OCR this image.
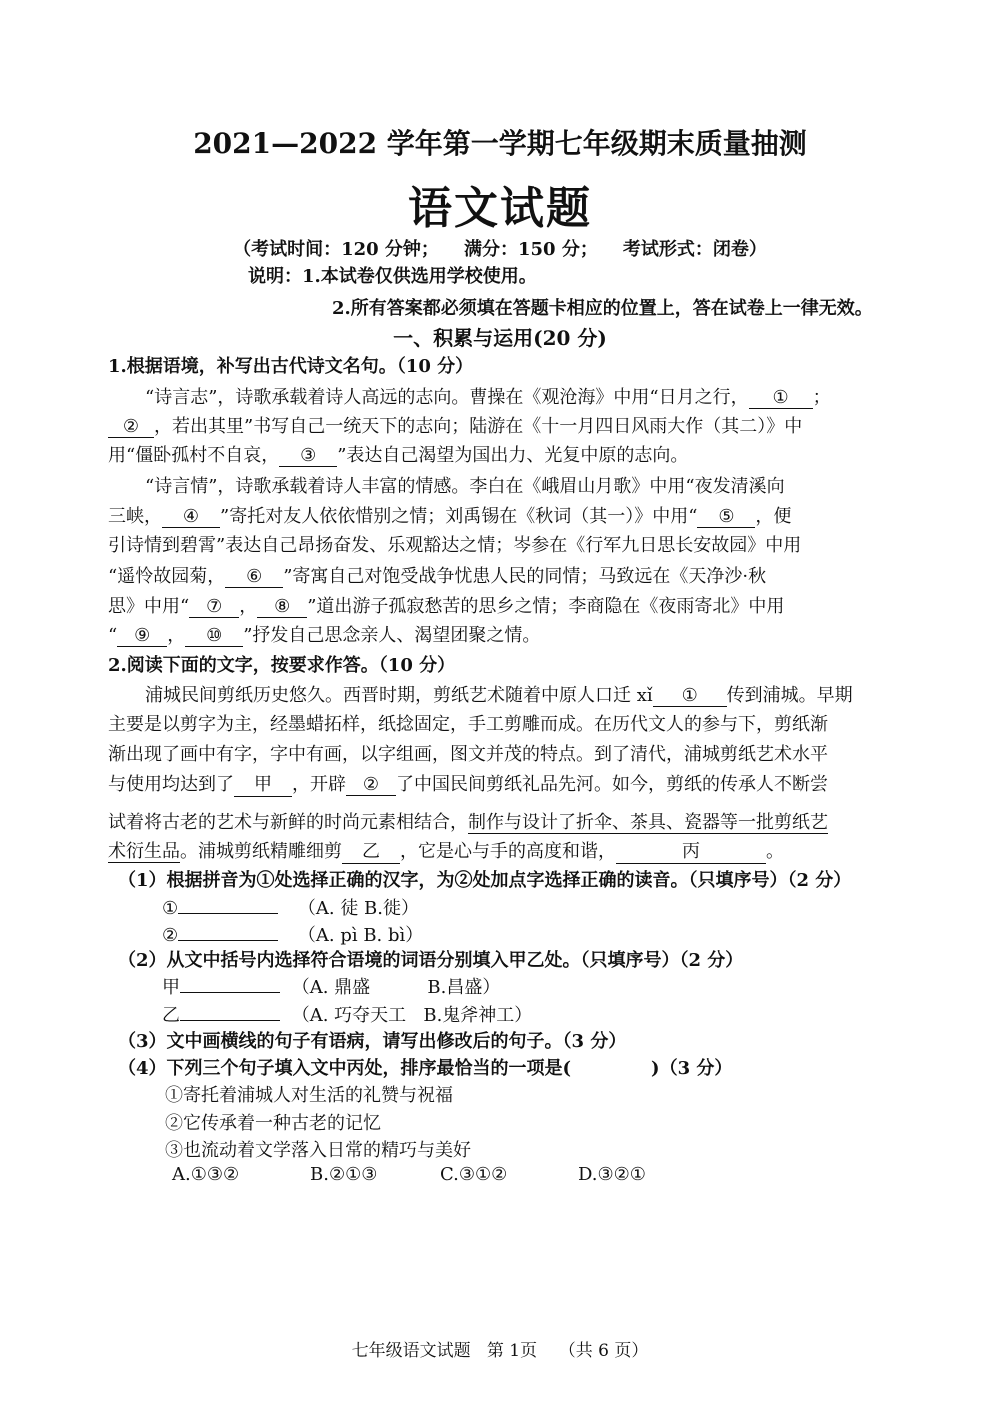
2021—2022 学年第一学期七年级期末质量抽测
语文试题
（考试时间：120 分钟；    满分：150 分；    考试形式：闭卷）
说明：1.本试卷仅供选用学校使用。
2.所有答案都必须填在答题卡相应的位置上，答在试卷上一律无效。
一、积累与运用(20 分)
1.根据语境，补写出古代诗文名句。（10 分）
“诗言志”，诗歌承载着诗人高远的志向。曹操在《观沧海》中用“日月之行， ① ；
② ，若出其里”书写自己一统天下的志向；陆游在《十一月四日风雨大作（其二）》中
用“僵卧孤村不自哀， ③ ”表达自己渴望为国出力、光复中原的志向。
“诗言情”，诗歌承载着诗人丰富的情感。李白在《峨眉山月歌》中用“夜发清溪向
三峡， ④ ”寄托对友人依依惜别之情；刘禹锡在《秋词（其一）》中用“ ⑤ ，便
引诗情到碧霄”表达自己昂扬奋发、乐观豁达之情；岑参在《行军九日思长安故园》中用
“遥怜故园菊， ⑥ ”寄寓自己对饱受战争忧患人民的同情；马致远在《天净沙·秋
思》中用“ ⑦ ， ⑧ ”道出游子孤寂愁苦的思乡之情；李商隐在《夜雨寄北》中用
“ ⑨ ， ⑩ ”抒发自己思念亲人、渴望团聚之情。
2.阅读下面的文字，按要求作答。（10 分）
浦城民间剪纸历史悠久。西晋时期，剪纸艺术随着中原人口迁 xǐ ① 传到浦城。早期
主要是以剪字为主，经墨蜡拓样，纸捻固定，手工剪雕而成。在历代文人的参与下，剪纸渐
渐出现了画中有字，字中有画，以字组画，图文并茂的特点。到了清代，浦城剪纸艺术水平
与使用均达到了 甲 ，开辟 ② 了中国民间剪纸礼品先河。如今，剪纸的传承人不断尝
试着将古老的艺术与新鲜的时尚元素相结合，制作与设计了折伞、茶具、瓷器等一批剪纸艺
术衍生品。浦城剪纸精雕细剪 乙 ，它是心与手的高度和谐，	丙	。
（1）根据拼音为①处选择正确的汉字，为②处加点字选择正确的读音。（只填序号）（2 分）
①	（A. 徒 B.徙）
②	（A. pì B. bì）
（2）从文中括号内选择符合语境的词语分别填入甲乙处。（只填序号）（2 分）
甲	（A. 鼎盛          B.昌盛）
乙	（A. 巧夺天工   B.鬼斧神工）
（3）文中画横线的句子有语病，请写出修改后的句子。（3 分）
（4）下列三个句子填入文中丙处，排序最恰当的一项是(	)（3 分）
①寄托着浦城人对生活的礼赞与祝福
②它传承着一种古老的记忆
③也流动着文学落入日常的精巧与美好
A.①③②	B.②①③	C.③①②	D.③②①
七年级语文试题   第 1页    （共 6 页）
